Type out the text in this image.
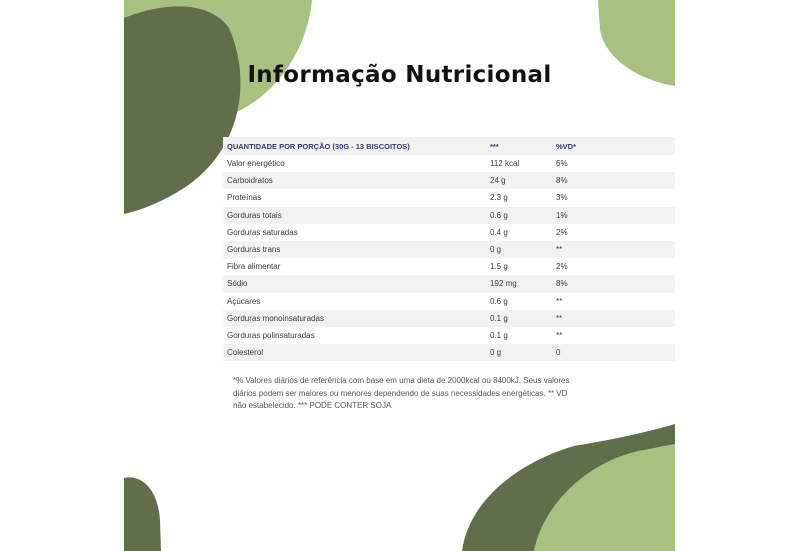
Informação Nutricional
QUANTIDADE POR PORÇÃO (30G - 13 BISCOITOS)	***	%VD*
Valor energético	112 kcal	6%
Carboidratos	24 g	8%
Proteínas	2.3 g	3%
Gorduras totais	0.6 g	1%
Gorduras saturadas	0.4 g	2%
Gorduras trans	0 g	**
Fibra alimentar	1.5 g	2%
Sódio	192 mg	8%
Açúcares	0.6 g	**
Gorduras monoinsaturadas	0.1 g	**
Gorduras polinsaturadas	0.1 g	**
Colesterol	0 g	0
*% Valores diários de referência com base em uma dieta de 2000kcal ou 8400kJ. Seus valores diários podem ser maiores ou menores dependendo de suas necessidades energéticas. ** VD não estabelecido. *** PODE CONTER SOJA
